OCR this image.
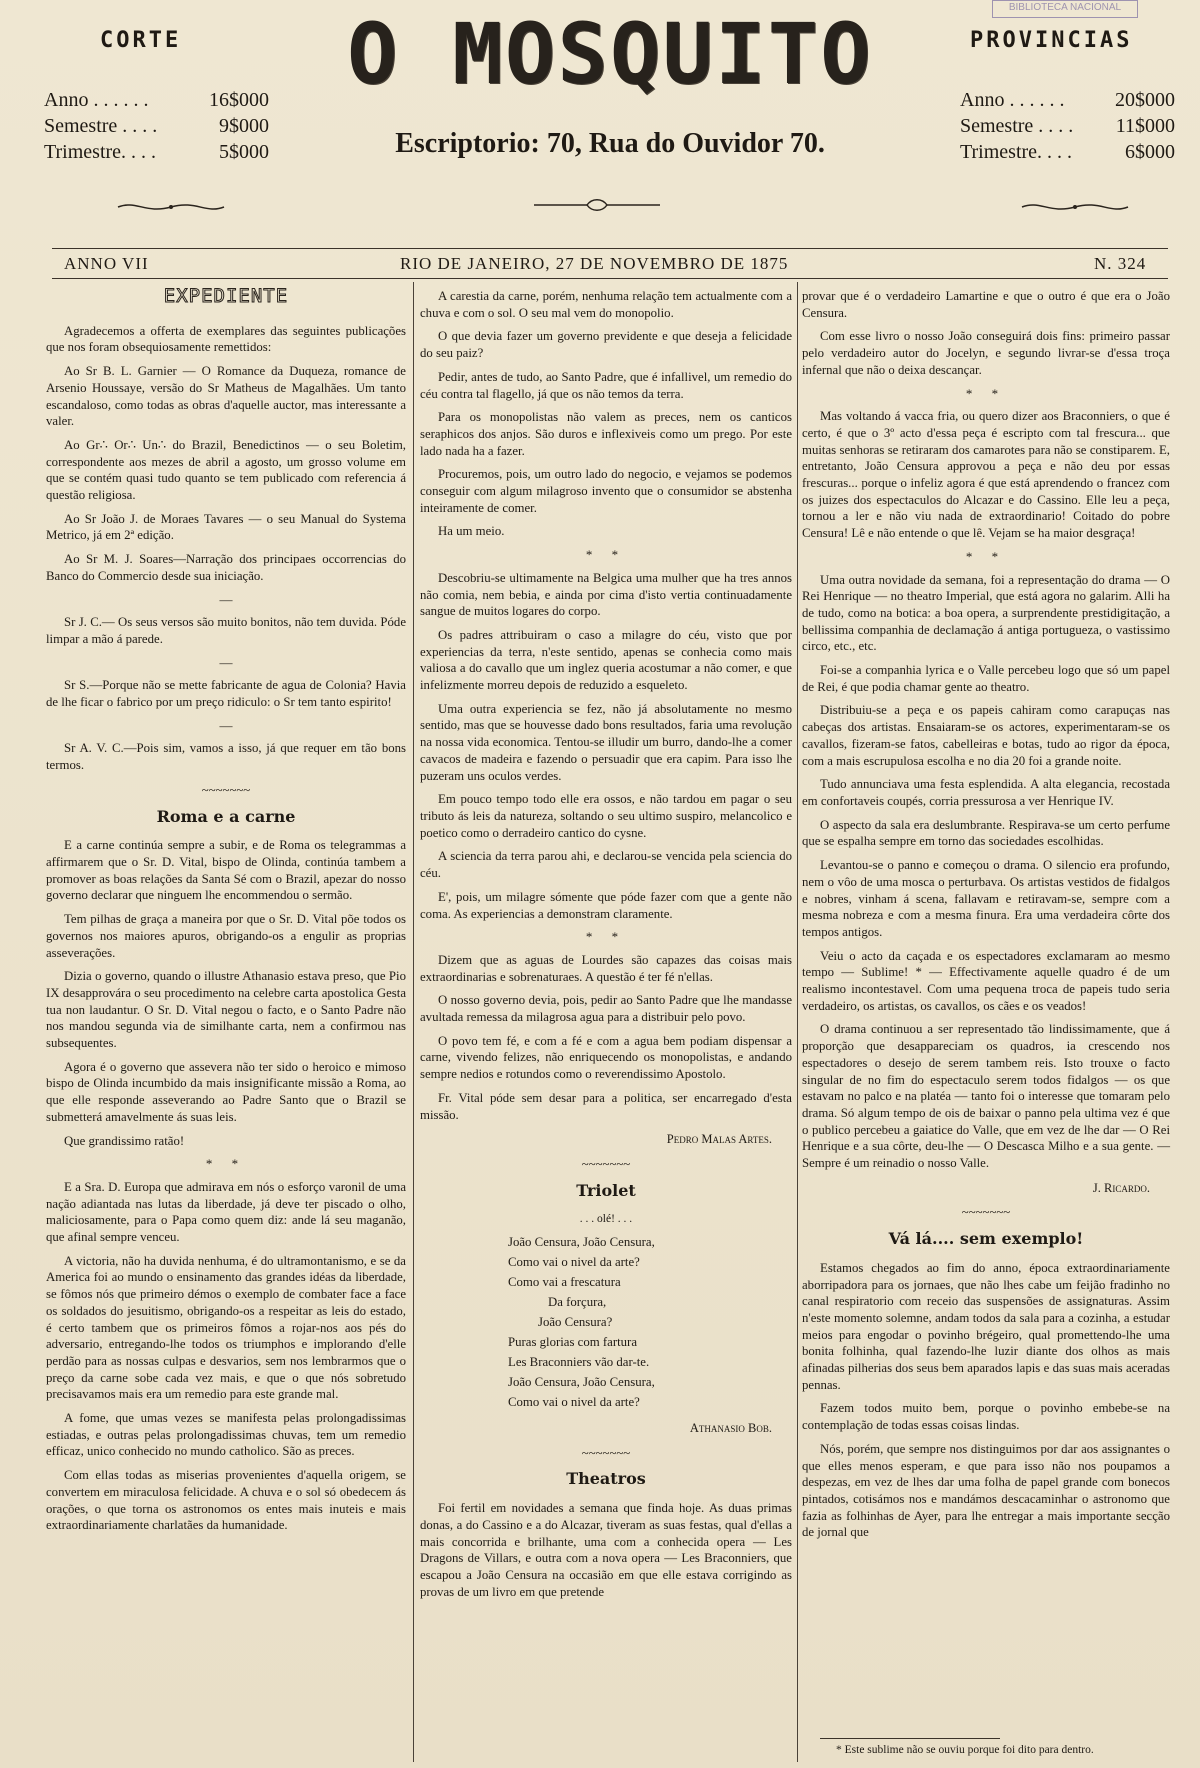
BIBLIOTECA NACIONAL
CORTE
Anno . . . . . .	16$000
Semestre . . . .	9$000
Trimestre. . . .	5$000
PROVINCIAS
Anno . . . . . .	20$000
Semestre . . . . 11$000
Trimestre. . . .	6$000
O MOSQUITO
Escriptorio: 70, Rua do Ouvidor 70.
ANNO VII	RIO DE JANEIRO, 27 DE NOVEMBRO DE 1875	N. 324
EXPEDIENTE

Agradecemos a offerta de exemplares das seguintes publicações que nos foram obsequiosamente remettidos:

Ao Sr B. L. Garnier — O Romance da Duqueza, romance de Arsenio Houssaye, versão do Sr Matheus de Magalhães. Um tanto escandaloso, como todas as obras d'aquelle auctor, mas interessante a valer.

Ao Gr∴ Or∴ Un∴ do Brazil, Benedictinos — o seu Boletim, correspondente aos mezes de abril a agosto, um grosso volume em que se contém quasi tudo quanto se tem publicado com referencia á questão religiosa.

Ao Sr João J. de Moraes Tavares — o seu Manual do Systema Metrico, já em 2ª edição.

Ao Sr M. J. Soares—Narração dos principaes occorrencias do Banco do Commercio desde sua iniciação.

—

Sr J. C.— Os seus versos são muito bonitos, não tem duvida. Póde limpar a mão á parede.

—

Sr S.—Porque não se mette fabricante de agua de Colonia? Havia de lhe ficar o fabrico por um preço ridiculo: o Sr tem tanto espirito!

—

Sr A. V. C.—Pois sim, vamos a isso, já que requer em tão bons termos.

~~~~~~~
Roma e a carne

E a carne continúa sempre a subir, e de Roma os telegrammas a affirmarem que o Sr. D. Vital, bispo de Olinda, continúa tambem a promover as boas relações da Santa Sé com o Brazil, apezar do nosso governo declarar que ninguem lhe encommendou o sermão.

Tem pilhas de graça a maneira por que o Sr. D. Vital põe todos os governos nos maiores apuros, obrigando-os a engulir as proprias asseverações.

Dizia o governo, quando o illustre Athanasio estava preso, que Pio IX desapprovára o seu procedimento na celebre carta apostolica Gesta tua non laudantur. O Sr. D. Vital negou o facto, e o Santo Padre não nos mandou segunda via de similhante carta, nem a confirmou nas subsequentes.

Agora é o governo que assevera não ter sido o heroico e mimoso bispo de Olinda incumbido da mais insignificante missão a Roma, ao que elle responde asseverando ao Padre Santo que o Brazil se submetterá amavelmente ás suas leis.

Que grandissimo ratão!

* *

E a Sra. D. Europa que admirava em nós o esforço varonil de uma nação adiantada nas lutas da liberdade, já deve ter piscado o olho, maliciosamente, para o Papa como quem diz: ande lá seu maganão, que afinal sempre venceu.

A victoria, não ha duvida nenhuma, é do ultramontanismo, e se da America foi ao mundo o ensinamento das grandes idéas da liberdade, se fômos nós que primeiro démos o exemplo de combater face a face os soldados do jesuitismo, obrigando-os a respeitar as leis do estado, é certo tambem que os primeiros fômos a rojar-nos aos pés do adversario, entregando-lhe todos os triumphos e implorando d'elle perdão para as nossas culpas e desvarios, sem nos lembrarmos que o preço da carne sobe cada vez mais, e que o que nós sobretudo precisavamos mais era um remedio para este grande mal.

A fome, que umas vezes se manifesta pelas prolongadissimas estiadas, e outras pelas prolongadissimas chuvas, tem um remedio efficaz, unico conhecido no mundo catholico. São as preces.

Com ellas todas as miserias provenientes d'aquella origem, se convertem em miraculosa felicidade. A chuva e o sol só obedecem ás orações, o que torna os astronomos os entes mais inuteis e mais extraordinariamente charlatães da humanidade.

A carestia da carne, porém, nenhuma relação tem actualmente com a chuva e com o sol. O seu mal vem do monopolio.

O que devia fazer um governo previdente e que deseja a felicidade do seu paiz?

Pedir, antes de tudo, ao Santo Padre, que é infallivel, um remedio do céu contra tal flagello, já que os não temos da terra.

Para os monopolistas não valem as preces, nem os canticos seraphicos dos anjos. São duros e inflexiveis como um prego. Por este lado nada ha a fazer.

Procuremos, pois, um outro lado do negocio, e vejamos se podemos conseguir com algum milagroso invento que o consumidor se abstenha inteiramente de comer.

Ha um meio.

* *

Descobriu-se ultimamente na Belgica uma mulher que ha tres annos não comia, nem bebia, e ainda por cima d'isto vertia continuadamente sangue de muitos logares do corpo.

Os padres attribuiram o caso a milagre do céu, visto que por experiencias da terra, n'este sentido, apenas se conhecia como mais valiosa a do cavallo que um inglez queria acostumar a não comer, e que infelizmente morreu depois de reduzido a esqueleto.

Uma outra experiencia se fez, não já absolutamente no mesmo sentido, mas que se houvesse dado bons resultados, faria uma revolução na nossa vida economica. Tentou-se illudir um burro, dando-lhe a comer cavacos de madeira e fazendo o persuadir que era capim. Para isso lhe puzeram uns oculos verdes.

Em pouco tempo todo elle era ossos, e não tardou em pagar o seu tributo ás leis da natureza, soltando o seu ultimo suspiro, melancolico e poetico como o derradeiro cantico do cysne.

A sciencia da terra parou ahi, e declarou-se vencida pela sciencia do céu.

E', pois, um milagre sómente que póde fazer com que a gente não coma. As experiencias a demonstram claramente.

* *

Dizem que as aguas de Lourdes são capazes das coisas mais extraordinarias e sobrenaturaes. A questão é ter fé n'ellas.

O nosso governo devia, pois, pedir ao Santo Padre que lhe mandasse avultada remessa da milagrosa agua para a distribuir pelo povo.

O povo tem fé, e com a fé e com a agua bem podiam dispensar a carne, vivendo felizes, não enriquecendo os monopolistas, e andando sempre nedios e rotundos como o reverendissimo Apostolo.

Fr. Vital póde sem desar para a politica, ser encarregado d'esta missão.

Pedro Malas Artes.
~~~~~~~
Triolet
. . . olé! . . .
João Censura, João Censura,
Como vai o nivel da arte?
Como vai a frescatura
Da forçura,
João Censura?
Puras glorias com fartura
Les Braconniers vão dar-te.
João Censura, João Censura,
Como vai o nivel da arte?
Athanasio Bob.
~~~~~~~
Theatros

Foi fertil em novidades a semana que finda hoje. As duas primas donas, a do Cassino e a do Alcazar, tiveram as suas festas, qual d'ellas a mais concorrida e brilhante, uma com a conhecida opera — Les Dragons de Villars, e outra com a nova opera — Les Braconniers, que escapou a João Censura na occasião em que elle estava corrigindo as provas de um livro em que pretende

provar que é o verdadeiro Lamartine e que o outro é que era o João Censura.

Com esse livro o nosso João conseguirá dois fins: primeiro passar pelo verdadeiro autor do Jocelyn, e segundo livrar-se d'essa troça infernal que não o deixa descançar.

* *

Mas voltando á vacca fria, ou quero dizer aos Braconniers, o que é certo, é que o 3º acto d'essa peça é escripto com tal frescura... que muitas senhoras se retiraram dos camarotes para não se constiparem. E, entretanto, João Censura approvou a peça e não deu por essas frescuras... porque o infeliz agora é que está aprendendo o francez com os juizes dos espectaculos do Alcazar e do Cassino. Elle leu a peça, tornou a ler e não viu nada de extraordinario! Coitado do pobre Censura! Lê e não entende o que lê. Vejam se ha maior desgraça!

* *

Uma outra novidade da semana, foi a representação do drama — O Rei Henrique — no theatro Imperial, que está agora no galarim. Alli ha de tudo, como na botica: a boa opera, a surprendente prestidigitação, a bellissima companhia de declamação á antiga portugueza, o vastissimo circo, etc., etc.

Foi-se a companhia lyrica e o Valle percebeu logo que só um papel de Rei, é que podia chamar gente ao theatro.

Distribuiu-se a peça e os papeis cahiram como carapuças nas cabeças dos artistas. Ensaiaram-se os actores, experimentaram-se os cavallos, fizeram-se fatos, cabelleiras e botas, tudo ao rigor da época, com a mais escrupulosa escolha e no dia 20 foi a grande noite.

Tudo annunciava uma festa esplendida. A alta elegancia, recostada em confortaveis coupés, corria pressurosa a ver Henrique IV.

O aspecto da sala era deslumbrante. Respirava-se um certo perfume que se espalha sempre em torno das sociedades escolhidas.

Levantou-se o panno e começou o drama. O silencio era profundo, nem o vôo de uma mosca o perturbava. Os artistas vestidos de fidalgos e nobres, vinham á scena, fallavam e retiravam-se, sempre com a mesma nobreza e com a mesma finura. Era uma verdadeira côrte dos tempos antigos.

Veiu o acto da caçada e os espectadores exclamaram ao mesmo tempo — Sublime! * — Effectivamente aquelle quadro é de um realismo incontestavel. Com uma pequena troca de papeis tudo seria verdadeiro, os artistas, os cavallos, os cães e os veados!

O drama continuou a ser representado tão lindissimamente, que á proporção que desappareciam os quadros, ia crescendo nos espectadores o desejo de serem tambem reis. Isto trouxe o facto singular de no fim do espectaculo serem todos fidalgos — os que estavam no palco e na platéa — tanto foi o interesse que tomaram pelo drama. Só algum tempo de ois de baixar o panno pela ultima vez é que o publico percebeu a gaiatice do Valle, que em vez de lhe dar — O Rei Henrique e a sua côrte, deu-lhe — O Descasca Milho e a sua gente. — Sempre é um reinadio o nosso Valle.

J. Ricardo.
~~~~~~~
Vá lá.... sem exemplo!

Estamos chegados ao fim do anno, época extraordinariamente aborripadora para os jornaes, que não lhes cabe um feijão fradinho no canal respiratorio com receio das suspensões de assignaturas. Assim n'este momento solemne, andam todos da sala para a cozinha, a estudar meios para engodar o povinho brégeiro, qual promettendo-lhe uma bonita folhinha, qual fazendo-lhe luzir diante dos olhos as mais afinadas pilherias dos seus bem aparados lapis e das suas mais aceradas pennas.

Fazem todos muito bem, porque o povinho embebe-se na contemplação de todas essas coisas lindas.

Nós, porém, que sempre nos distinguimos por dar aos assignantes o que elles menos esperam, e que para isso não nos poupamos a despezas, em vez de lhes dar uma folha de papel grande com bonecos pintados, cotisámos nos e mandámos descacaminhar o astronomo que fazia as folhinhas de Ayer, para lhe entregar a mais importante secção de jornal que

* Este sublime não se ouviu porque foi dito para dentro.
